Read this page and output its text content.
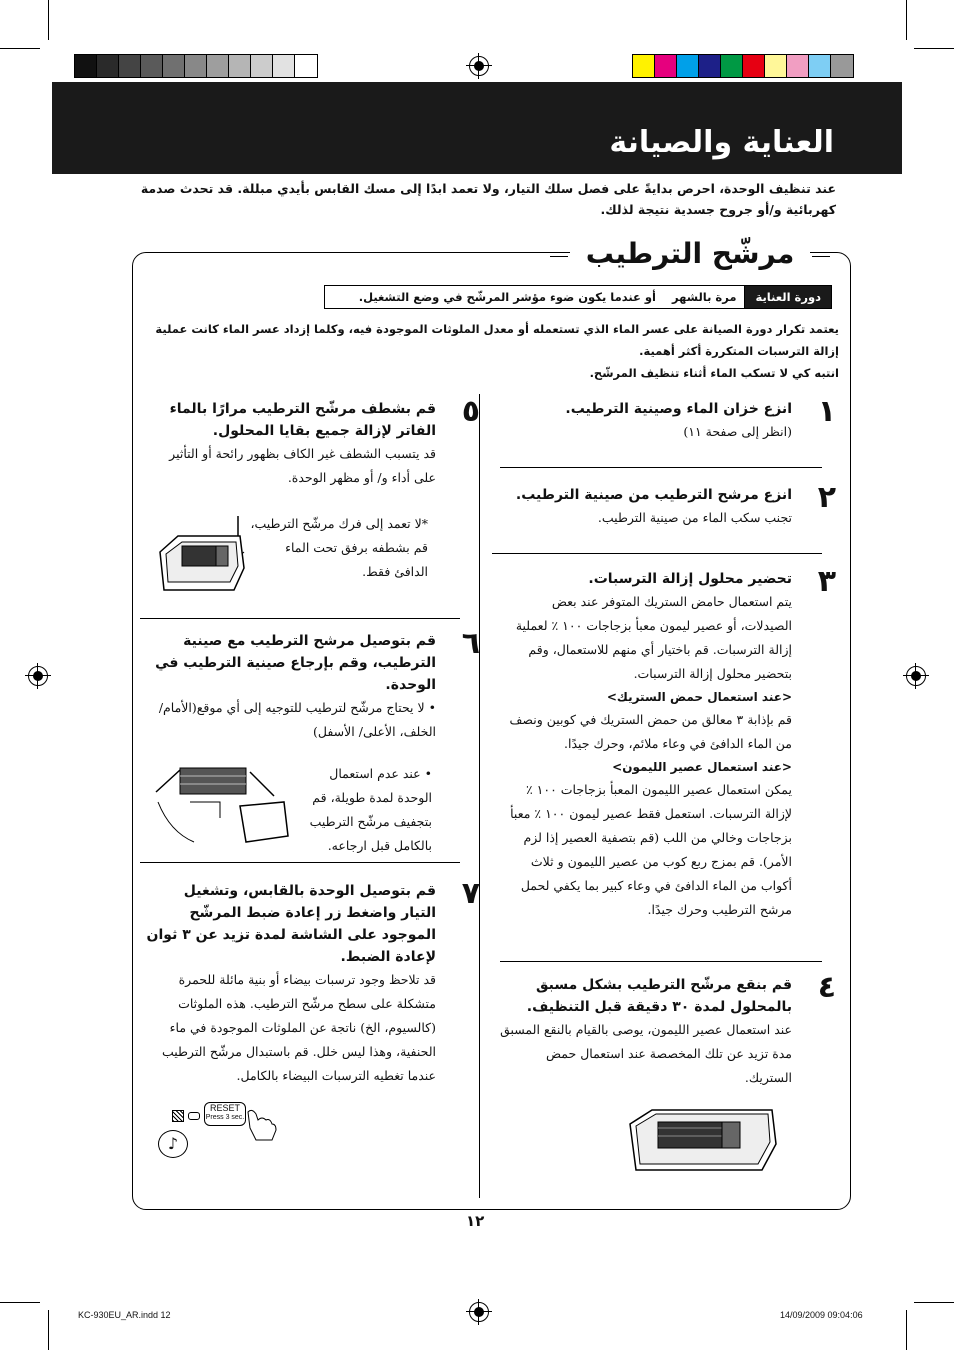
العناية والصيانة
عند تنظيف الوحدة، احرص بدايةً على فصل سلك التيار، ولا تعمد ابدًا إلى مسك القابس بأيدي مبللة. قد تحدث صدمة كهربائية و/أو جروح جسدية نتيجة لذلك.
مرشّح الترطيب
دورة العناية
مرة بالشهر
أو عندما يكون ضوء مؤشر المرشّح في وضع التشغيل.
يعتمد تكرار دورة الصيانة على عسر الماء الذي تستعمله أو معدل الملوثات الموجودة فيه، وكلما إزداد عسر الماء كانت عملية إزالة الترسبات المتكررة أكثر أهمية.
انتبه كي لا تسكب الماء أثناء تنظيف المرشّح.
١
انزع خزان الماء وصينية الترطيب.
(انظر إلى صفحة ١١)
٢
انزع مرشح الترطيب من صينية الترطيب.
تجنب سكب الماء من صينية الترطيب.
٣
تحضير محلول إزالة الترسبات.
يتم استعمال حامض الستريك المتوفر عند بعض الصيدلات، أو عصير ليمون معبأ بزجاجات ١٠٠ ٪ لعملية إزالة الترسبات. قم باختيار أي منهم للاستعمال، وقم بتحضير محلول إزالة الترسبات.
<عند استعمال حمض الستريك>
قم بإذابة ٣ معالق من حمض الستريك في كوبين ونصف من الماء الدافئ في وعاء ملائم، وحرك جيدًا.
<عند استعمال عصير الليمون>
يمكن استعمال عصير الليمون المعبأ بزجاجات ١٠٠ ٪ لإزالة الترسبات. استعمل فقط عصير ليمون ١٠٠ ٪ معبأ بزجاجات وخالي من اللب (قم بتصفية العصير إذا لزم الأمر). قم بمزج ربع كوب من عصير الليمون و ثلاث أكواب من الماء الدافئ في وعاء كبير بما يكفي لحمل مرشح الترطيب وحرك جيدًا.
٤
قم بنقع مرشّح الترطيب بشكل مسبق بالمحلول لمدة ٣٠ دقيقة قبل التنظيف.
عند استعمال عصير الليمون، يوصى بالقيام بالنقع المسبق مدة تزيد عن تلك المخصصة عند استعمال حمض الستريك.
٥
قم بشطف مرشّح الترطيب مرارًا بالماء الفاتر لإزالة جميع بقايا المحلول.
قد يتسبب الشطف غير الكاف بظهور رائحة أو التأثير على أداء و/ أو مظهر الوحدة.
*لا تعمد إلى فرك مرشّح الترطيب، قم بشطفه برفق تحت الماء الدافئ فقط.
٦
قم بتوصيل مرشح الترطيب مع صينية الترطيب، وقم بإرجاع صينية الترطيب في الوحدة.
• لا يحتاج مرشّح لترطيب للتوجيه إلى أي موقع(الأمام/ الخلف، الأعلى/ الأسفل)
• عند عدم استعمال الوحدة لمدة طويلة، قم بتجفيف مرشّح الترطيب بالكامل قبل ارجاعه.
٧
قم بتوصيل الوحدة بالقابس، وتشغيل التيار واضغط زر إعادة ضبط المرشّح الموجود على الشاشة لمدة تزيد عن ٣ ثوان لإعادة الضبط.
قد تلاحظ وجود ترسبات بيضاء أو بنية مائلة للحمرة متشكلة على سطح مرشّح الترطيب. هذه الملوثات (كالسيوم، الخ) ناتجة عن الملوثات الموجودة في ماء الحنفية، وهذا ليس خلل. قم باستبدال مرشّح الترطيب عندما تغطيه الترسبات البيضاء بالكامل.
RESET
Press 3 sec.
♪
١٢
KC-930EU_AR.indd 12	14/09/2009 09:04:06
